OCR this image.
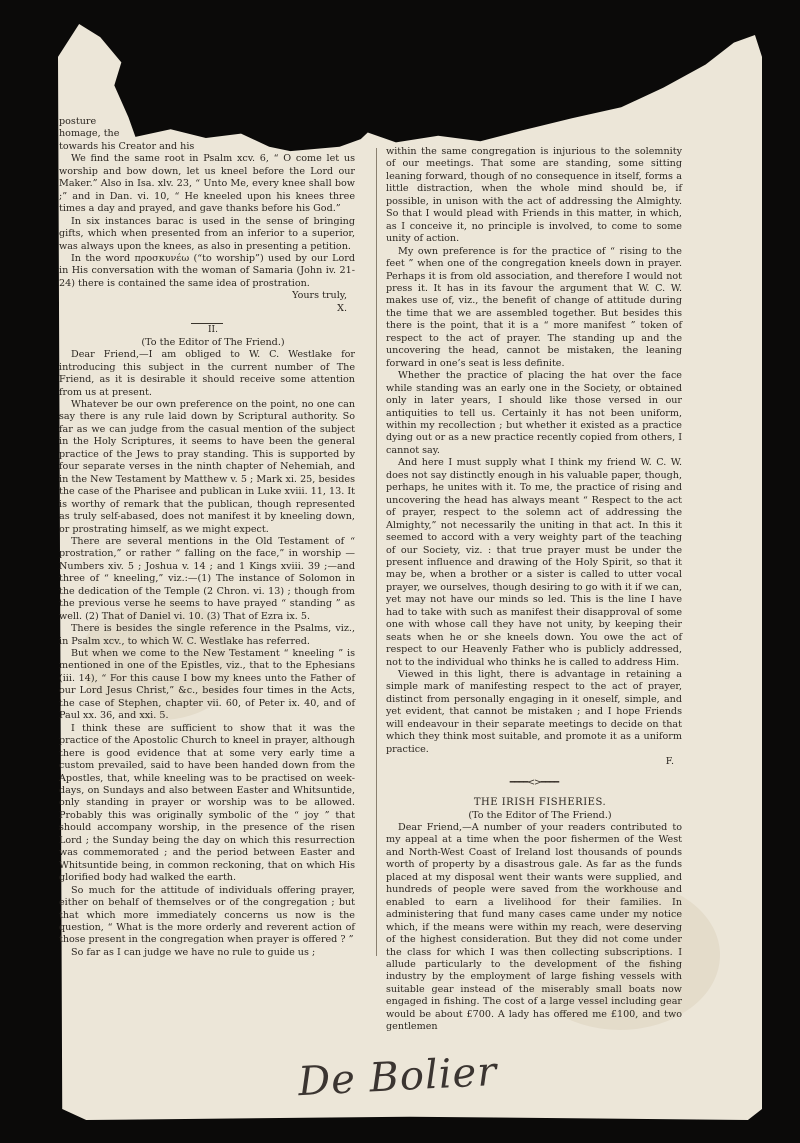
posture

homage, the

towards his Creator and his

We find the same root in Psalm xcv. 6, “ O come let us worship and bow down, let us kneel before the Lord our Maker.” Also in Isa. xlv. 23, “ Unto Me, every knee shall bow ;” and in Dan. vi. 10, “ He kneeled upon his knees three times a day and prayed, and gave thanks before his God.”

In six instances barac is used in the sense of bringing gifts, which when presented from an inferior to a superior, was always upon the knees, as also in presenting a petition.

In the word προσκυνέω (“to worship”) used by our Lord in His conversation with the woman of Samaria (John iv. 21-24) there is contained the same idea of prostration.

Yours truly,

X.

II.

(To the Editor of The Friend.)

Dear Friend,—I am obliged to W. C. Westlake for introducing this subject in the current number of The Friend, as it is desirable it should receive some attention from us at present.

Whatever be our own preference on the point, no one can say there is any rule laid down by Scriptural authority. So far as we can judge from the casual mention of the subject in the Holy Scriptures, it seems to have been the general practice of the Jews to pray standing. This is supported by four separate verses in the ninth chapter of Nehemiah, and in the New Testament by Matthew v. 5 ; Mark xi. 25, besides the case of the Pharisee and publican in Luke xviii. 11, 13. It is worthy of remark that the publican, though represented as truly self-abased, does not manifest it by kneeling down, or prostrating himself, as we might expect.

There are several mentions in the Old Testament of “ prostration,” or rather “ falling on the face,” in worship —Numbers xiv. 5 ; Joshua v. 14 ; and 1 Kings xviii. 39 ;—and three of “ kneeling,” viz.:—(1) The instance of Solomon in the dedication of the Temple (2 Chron. vi. 13) ; though from the previous verse he seems to have prayed “ standing ” as well. (2) That of Daniel vi. 10. (3) That of Ezra ix. 5.

There is besides the single reference in the Psalms, viz., in Psalm xcv., to which W. C. Westlake has referred.

But when we come to the New Testament “ kneeling ” is mentioned in one of the Epistles, viz., that to the Ephesians (iii. 14), “ For this cause I bow my knees unto the Father of our Lord Jesus Christ,” &c., besides four times in the Acts, the case of Stephen, chapter vii. 60, of Peter ix. 40, and of Paul xx. 36, and xxi. 5.

I think these are sufficient to show that it was the practice of the Apostolic Church to kneel in prayer, although there is good evidence that at some very early time a custom prevailed, said to have been handed down from the Apostles, that, while kneeling was to be practised on week-days, on Sundays and also between Easter and Whitsuntide, only standing in prayer or worship was to be allowed. Probably this was originally symbolic of the “ joy ” that should accompany worship, in the presence of the risen Lord ; the Sunday being the day on which this resurrection was commemorated ; and the period between Easter and Whitsuntide being, in common reckoning, that on which His glorified body had walked the earth.

So much for the attitude of individuals offering prayer, either on behalf of themselves or of the congregation ; but that which more immediately concerns us now is the question, “ What is the more orderly and reverent action of those present in the congregation when prayer is offered ? ”

So far as I can judge we have no rule to guide us ;

within the same congregation is injurious to the solemnity of our meetings. That some are standing, some sitting leaning forward, though of no consequence in itself, forms a little distraction, when the whole mind should be, if possible, in unison with the act of addressing the Almighty. So that I would plead with Friends in this matter, in which, as I conceive it, no principle is involved, to come to some unity of action.

My own preference is for the practice of “ rising to the feet ” when one of the congregation kneels down in prayer. Perhaps it is from old association, and therefore I would not press it. It has in its favour the argument that W. C. W. makes use of, viz., the benefit of change of attitude during the time that we are assembled together. But besides this there is the point, that it is a “ more manifest ” token of respect to the act of prayer. The standing up and the uncovering the head, cannot be mistaken, the leaning forward in one’s seat is less definite.

Whether the practice of placing the hat over the face while standing was an early one in the Society, or obtained only in later years, I should like those versed in our antiquities to tell us. Certainly it has not been uniform, within my recollection ; but whether it existed as a practice dying out or as a new practice recently copied from others, I cannot say.

And here I must supply what I think my friend W. C. W. does not say distinctly enough in his valuable paper, though, perhaps, he unites with it. To me, the practice of rising and uncovering the head has always meant “ Respect to the act of prayer, respect to the solemn act of addressing the Almighty,” not necessarily the uniting in that act. In this it seemed to accord with a very weighty part of the teaching of our Society, viz. : that true prayer must be under the present influence and drawing of the Holy Spirit, so that it may be, when a brother or a sister is called to utter vocal prayer, we ourselves, though desiring to go with it if we can, yet may not have our minds so led. This is the line I have had to take with such as manifest their disapproval of some one with whose call they have not unity, by keeping their seats when he or she kneels down. You owe the act of respect to our Heavenly Father who is publicly addressed, not to the individual who thinks he is called to address Him.

Viewed in this light, there is advantage in retaining a simple mark of manifesting respect to the act of prayer, distinct from personally engaging in it oneself, simple, and yet evident, that cannot be mistaken ; and I hope Friends will endeavour in their separate meetings to decide on that which they think most suitable, and promote it as a uniform practice.

F.

━━━━<>━━━━

THE IRISH FISHERIES.

(To the Editor of The Friend.)

Dear Friend,—A number of your readers contributed to my appeal at a time when the poor fishermen of the West and North-West Coast of Ireland lost thousands of pounds worth of property by a disastrous gale. As far as the funds placed at my disposal went their wants were supplied, and hundreds of people were saved from the workhouse and enabled to earn a livelihood for their families. In administering that fund many cases came under my notice which, if the means were within my reach, were deserving of the highest consideration. But they did not come under the class for which I was then collecting subscriptions. I allude particularly to the development of the fishing industry by the employment of large fishing vessels with suitable gear instead of the miserably small boats now engaged in fishing. The cost of a large vessel including gear would be about £700. A lady has offered me £100, and two gentlemen

De Bolier
